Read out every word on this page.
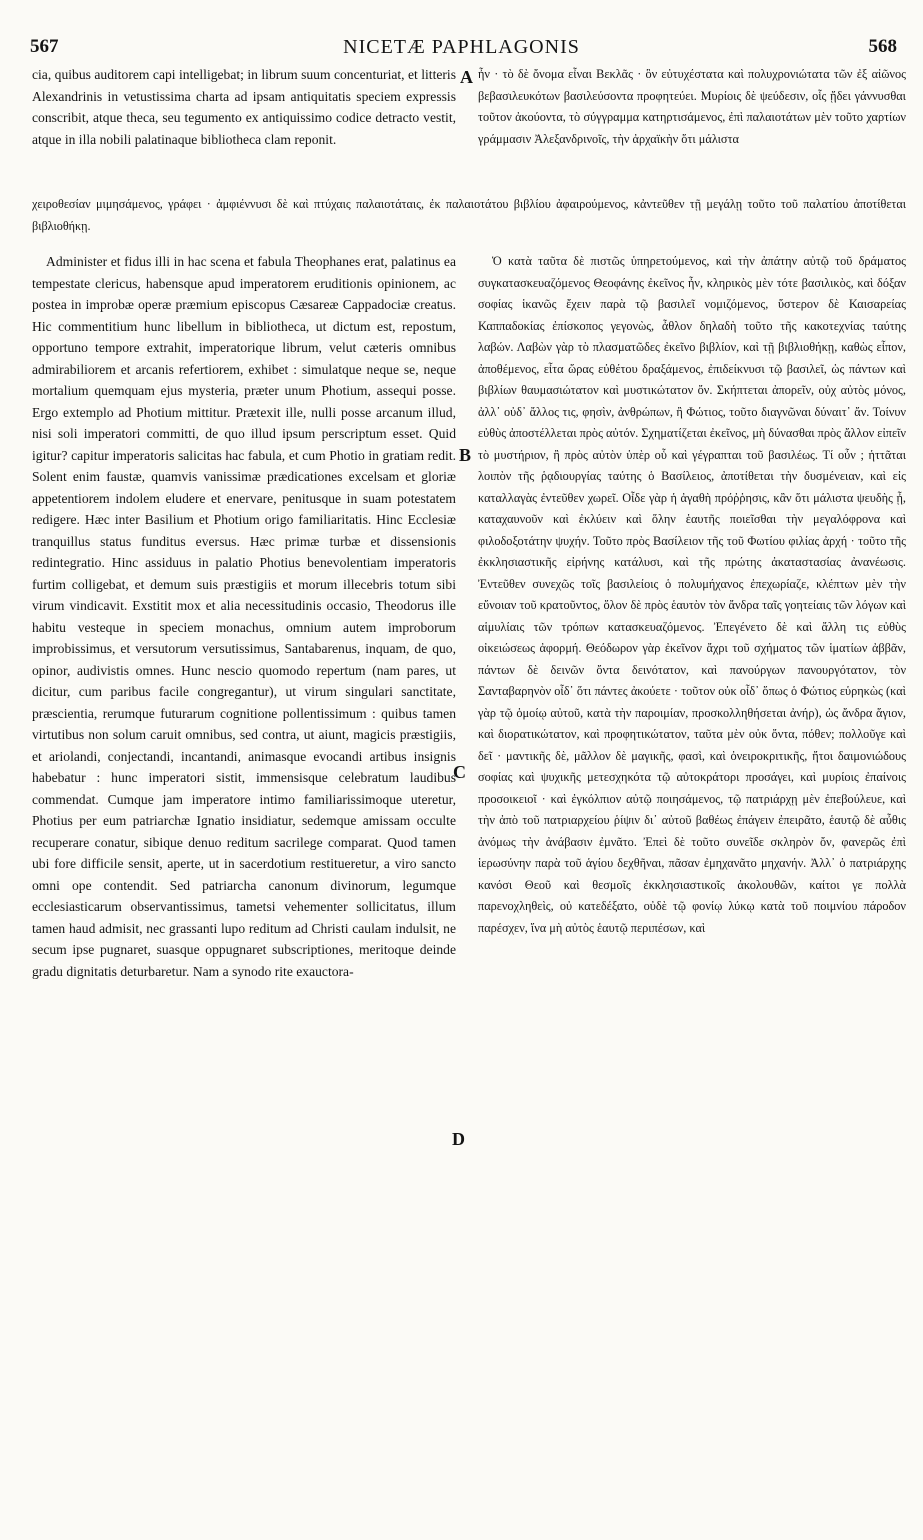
567	NICETÆ PAPHLAGONIS	568

cia, quibus auditorem capi intelligebat; in librum suum concenturiat, et litteris Alexandrinis in vetustissima charta ad ipsam antiquitatis speciem expressis conscribit, atque theca, seu tegumento ex antiquissimo codice detracto vestit, atque in illa nobili palatinaque bibliotheca clam reponit.

ἦν · τὸ δὲ ὄνομα εἶναι Βεκλᾶς · ὃν εὐτυχέστατα καὶ πολυχρονιώτατα τῶν ἐξ αἰῶνος βεβασιλευκότων βασιλεύσοντα προφητεύει. Μυρίοις δὲ ψεύδεσιν, οἷς ᾔδει γάννυσθαι τοῦτον ἀκούοντα, τὸ σύγγραμμα κατηρτισάμενος, ἐπὶ παλαιοτάτων μὲν τοῦτο χαρτίων γράμμασιν Ἀλεξανδρινοῖς, τὴν ἀρχαϊκὴν ὅτι μάλιστα

χειροθεσίαν μιμησάμενος, γράφει · ἀμφιέννυσι δὲ καὶ πτύχαις παλαιοτάταις, ἐκ παλαιοτάτου βιβλίου ἀφαιρούμενος, κἀντεῦθεν τῇ μεγάλῃ τοῦτο τοῦ παλατίου ἀποτίθεται βιβλιοθήκῃ.

Administer et fidus illi in hac scena et fabula Theophanes erat, palatinus ea tempestate clericus, habensque apud imperatorem eruditionis opinionem, ac postea in improbæ operæ præmium episcopus Cæsareæ Cappadociæ creatus. Hic commentitium hunc libellum in bibliotheca, ut dictum est, repostum, opportuno tempore extrahit, imperatorique librum, velut cæteris omnibus admirabiliorem et arcanis refertiorem, exhibet : simulatque neque se, neque mortalium quemquam ejus mysteria, præter unum Photium, assequi posse. Ergo extemplo ad Photium mittitur. Prætexit ille, nulli posse arcanum illud, nisi soli imperatori committi, de quo illud ipsum perscriptum esset. Quid igitur? capitur imperatoris salicitas hac fabula, et cum Photio in gratiam redit. Solent enim faustæ, quamvis vanissimæ prædicationes excelsam et gloriæ appetentiorem indolem eludere et enervare, penitusque in suam potestatem redigere. Hæc inter Basilium et Photium origo familiaritatis. Hinc Ecclesiæ tranquillus status funditus eversus. Hæc primæ turbæ et dissensionis redintegratio. Hinc assiduus in palatio Photius benevolentiam imperatoris furtim colligebat, et demum suis præstigiis et morum illecebris totum sibi virum vindicavit. Exstitit mox et alia necessitudinis occasio, Theodorus ille habitu vesteque in speciem monachus, omnium autem improborum improbissimus, et versutorum versutissimus, Santabarenus, inquam, de quo, opinor, audivistis omnes. Hunc nescio quomodo repertum (nam pares, ut dicitur, cum paribus facile congregantur), ut virum singulari sanctitate, præscientia, rerumque futurarum cognitione pollentissimum : quibus tamen virtutibus non solum caruit omnibus, sed contra, ut aiunt, magicis præstigiis, et ariolandi, conjectandi, incantandi, animasque evocandi artibus insignis habebatur : hunc imperatori sistit, immensisque celebratum laudibus commendat. Cumque jam imperatore intimo familiarissimoque uteretur, Photius per eum patriarchæ Ignatio insidiatur, sedemque amissam occulte recuperare conatur, sibique denuo reditum sacrilege comparat. Quod tamen ubi fore difficile sensit, aperte, ut in sacerdotium restitueretur, a viro sancto omni ope contendit. Sed patriarcha canonum divinorum, legumque ecclesiasticarum observantissimus, tametsi vehementer sollicitatus, illum tamen haud admisit, nec grassanti lupo reditum ad Christi caulam indulsit, ne secum ipse pugnaret, suasque oppugnaret subscriptiones, meritoque deinde gradu dignitatis deturbaretur. Nam a synodo rite exauctora-

Ὁ κατὰ ταῦτα δὲ πιστῶς ὑπηρετούμενος, καὶ τὴν ἀπάτην αὐτῷ τοῦ δράματος συγκατασκευαζόμενος Θεοφάνης ἐκεῖνος ἦν, κληρικὸς μὲν τότε βασιλικὸς, καὶ δόξαν σοφίας ἱκανῶς ἔχειν παρὰ τῷ βασιλεῖ νομιζόμενος, ὕστερον δὲ Καισαρείας Καππαδοκίας ἐπίσκοπος γεγονὼς, ἆθλον δηλαδὴ τοῦτο τῆς κακοτεχνίας ταύτης λαβών. Λαβὼν γὰρ τὸ πλασματῶδες ἐκεῖνο βιβλίον, καὶ τῇ βιβλιοθήκῃ, καθὼς εἶπον, ἀποθέμενος, εἶτα ὥρας εὐθέτου δραξάμενος, ἐπιδείκνυσι τῷ βασιλεῖ, ὡς πάντων καὶ βιβλίων θαυμασιώτατον καὶ μυστικώτατον ὄν. Σκήπτεται ἀπορεῖν, οὐχ αὐτὸς μόνος, ἀλλ᾽ οὐδ᾽ ἄλλος τις, φησὶν, ἀνθρώπων, ἢ Φώτιος, τοῦτο διαγνῶναι δύναιτ᾽ ἄν. Τοίνυν εὐθὺς ἀποστέλλεται πρὸς αὐτόν. Σχηματίζεται ἐκεῖνος, μὴ δύνασθαι πρὸς ἄλλον εἰπεῖν τὸ μυστήριον, ἢ πρὸς αὐτὸν ὑπὲρ οὗ καὶ γέγραπται τοῦ βασιλέως. Τί οὖν ; ἡττᾶται λοιπὸν τῆς ῥᾳδιουργίας ταύτης ὁ Βασίλειος, ἀποτίθεται τὴν δυσμένειαν, καὶ εἰς καταλλαγὰς ἐντεῦθεν χωρεῖ. Οἶδε γὰρ ἡ ἀγαθὴ πρόῤῥησις, κἂν ὅτι μάλιστα ψευδὴς ᾖ, καταχαυνοῦν καὶ ἐκλύειν καὶ ὅλην ἑαυτῆς ποιεῖσθαι τὴν μεγαλόφρονα καὶ φιλοδοξοτάτην ψυχήν. Τοῦτο πρὸς Βασίλειον τῆς τοῦ Φωτίου φιλίας ἀρχή · τοῦτο τῆς ἐκκλησιαστικῆς εἰρήνης κατάλυσι, καὶ τῆς πρώτης ἀκαταστασίας ἀνανέωσις. Ἐντεῦθεν συνεχῶς τοῖς βασιλείοις ὁ πολυμήχανος ἐπεχωρίαζε, κλέπτων μὲν τὴν εὔνοιαν τοῦ κρατοῦντος, ὅλον δὲ πρὸς ἑαυτὸν τὸν ἄνδρα ταῖς γοητείαις τῶν λόγων καὶ αἱμυλίαις τῶν τρόπων κατασκευαζόμενος. Ἐπεγένετο δὲ καὶ ἄλλη τις εὐθὺς οἰκειώσεως ἀφορμή. Θεόδωρον γὰρ ἐκεῖνον ἄχρι τοῦ σχήματος τῶν ἱματίων ἀββᾶν, πάντων δὲ δεινῶν ὄντα δεινότατον, καὶ πανούργων πανουργότατον, τὸν Σανταβαρηνὸν οἶδ᾽ ὅτι πάντες ἀκούετε · τοῦτον οὐκ οἶδ᾽ ὅπως ὁ Φώτιος εὑρηκὼς (καὶ γὰρ τῷ ὁμοίῳ αὐτοῦ, κατὰ τὴν παροιμίαν, προσκολληθήσεται ἀνήρ), ὡς ἄνδρα ἅγιον, καὶ διορατικώτατον, καὶ προφητικώτατον, ταῦτα μὲν οὐκ ὄντα, πόθεν; πολλοῦγε καὶ δεῖ · μαντικῆς δὲ, μᾶλλον δὲ μαγικῆς, φασὶ, καὶ ὀνειροκριτικῆς, ἤτοι δαιμονιώδους σοφίας καὶ ψυχικῆς μετεσχηκότα τῷ αὐτοκράτορι προσάγει, καὶ μυρίοις ἐπαίνοις προσοικειοῖ · καὶ ἐγκόλπιον αὐτῷ ποιησάμενος, τῷ πατριάρχῃ μὲν ἐπεβούλευε, καὶ τὴν ἀπὸ τοῦ πατριαρχείου ῥίψιν δι᾽ αὐτοῦ βαθέως ἐπάγειν ἐπειρᾶτο, ἑαυτῷ δὲ αὖθις ἀνόμως τὴν ἀνάβασιν ἐμνᾶτο. Ἐπεὶ δὲ τοῦτο συνεῖδε σκληρὸν ὄν, φανερῶς ἐπὶ ἱερωσύνην παρὰ τοῦ ἁγίου δεχθῆναι, πᾶσαν ἐμηχανᾶτο μηχανήν. Ἀλλ᾽ ὁ πατριάρχης κανόσι Θεοῦ καὶ θεσμοῖς ἐκκλησιαστικοῖς ἀκολουθῶν, καίτοι γε πολλὰ παρενοχληθεὶς, οὐ κατεδέξατο, οὐδὲ τῷ φονίῳ λύκῳ κατὰ τοῦ ποιμνίου πάροδον παρέσχεν, ἵνα μὴ αὐτὸς ἑαυτῷ περιπέσων, καὶ

A
B
C
D
